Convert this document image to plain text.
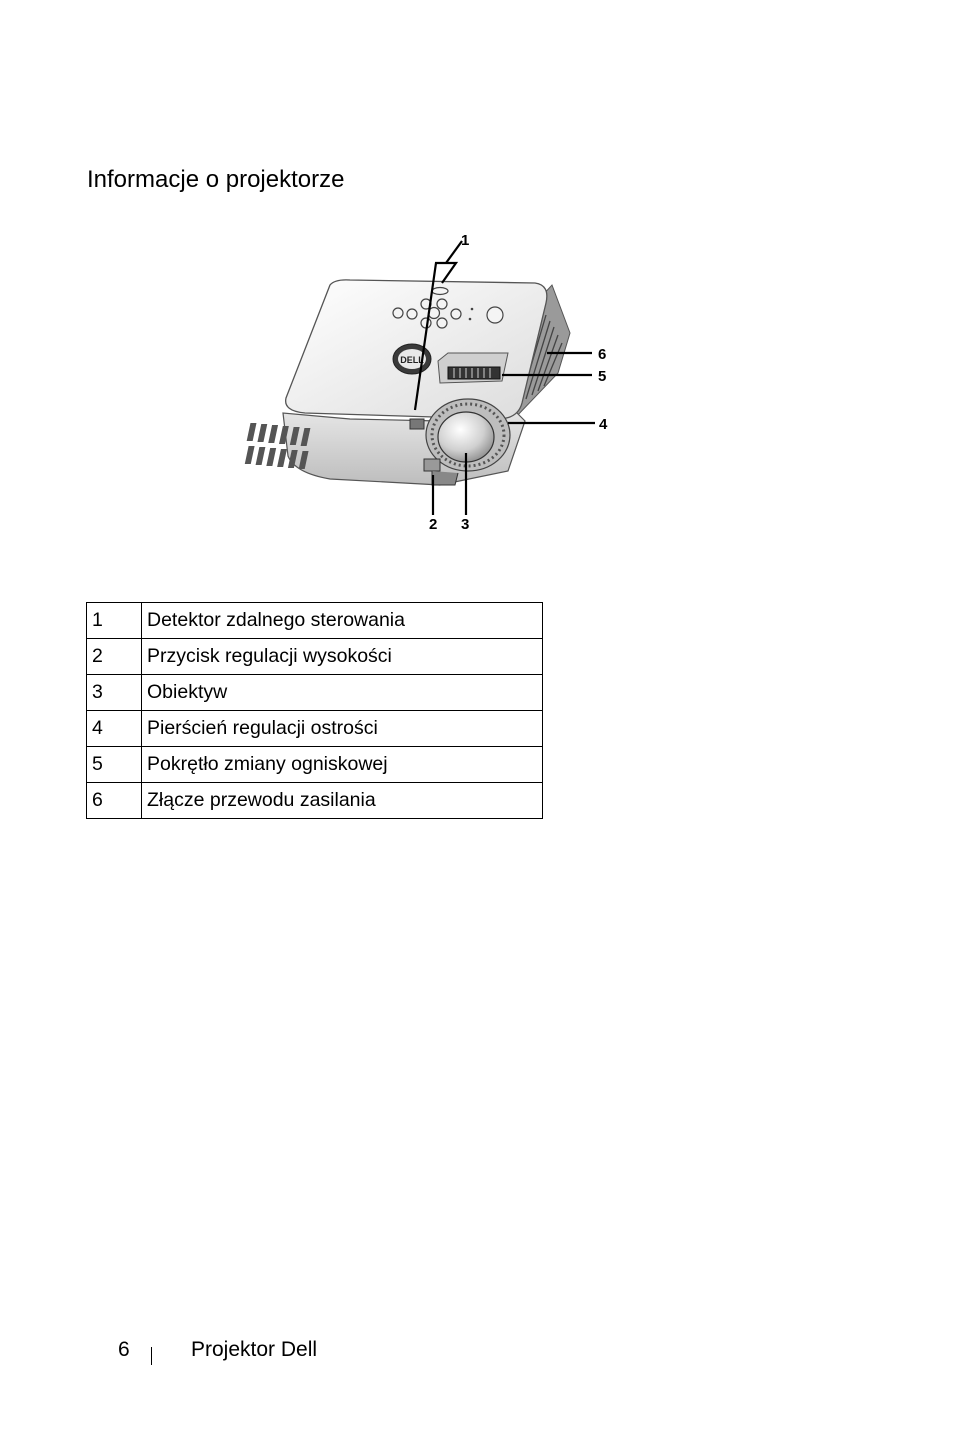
Informacje o projektorze
DELL
1
2 3
4
5
6
1	Detektor zdalnego sterowania
2	Przycisk regulacji wysokości
3	Obiektyw
4	Pierścień regulacji ostrości
5	Pokrętło zmiany ogniskowej
6	Złącze przewodu zasilania
6	Projektor Dell
